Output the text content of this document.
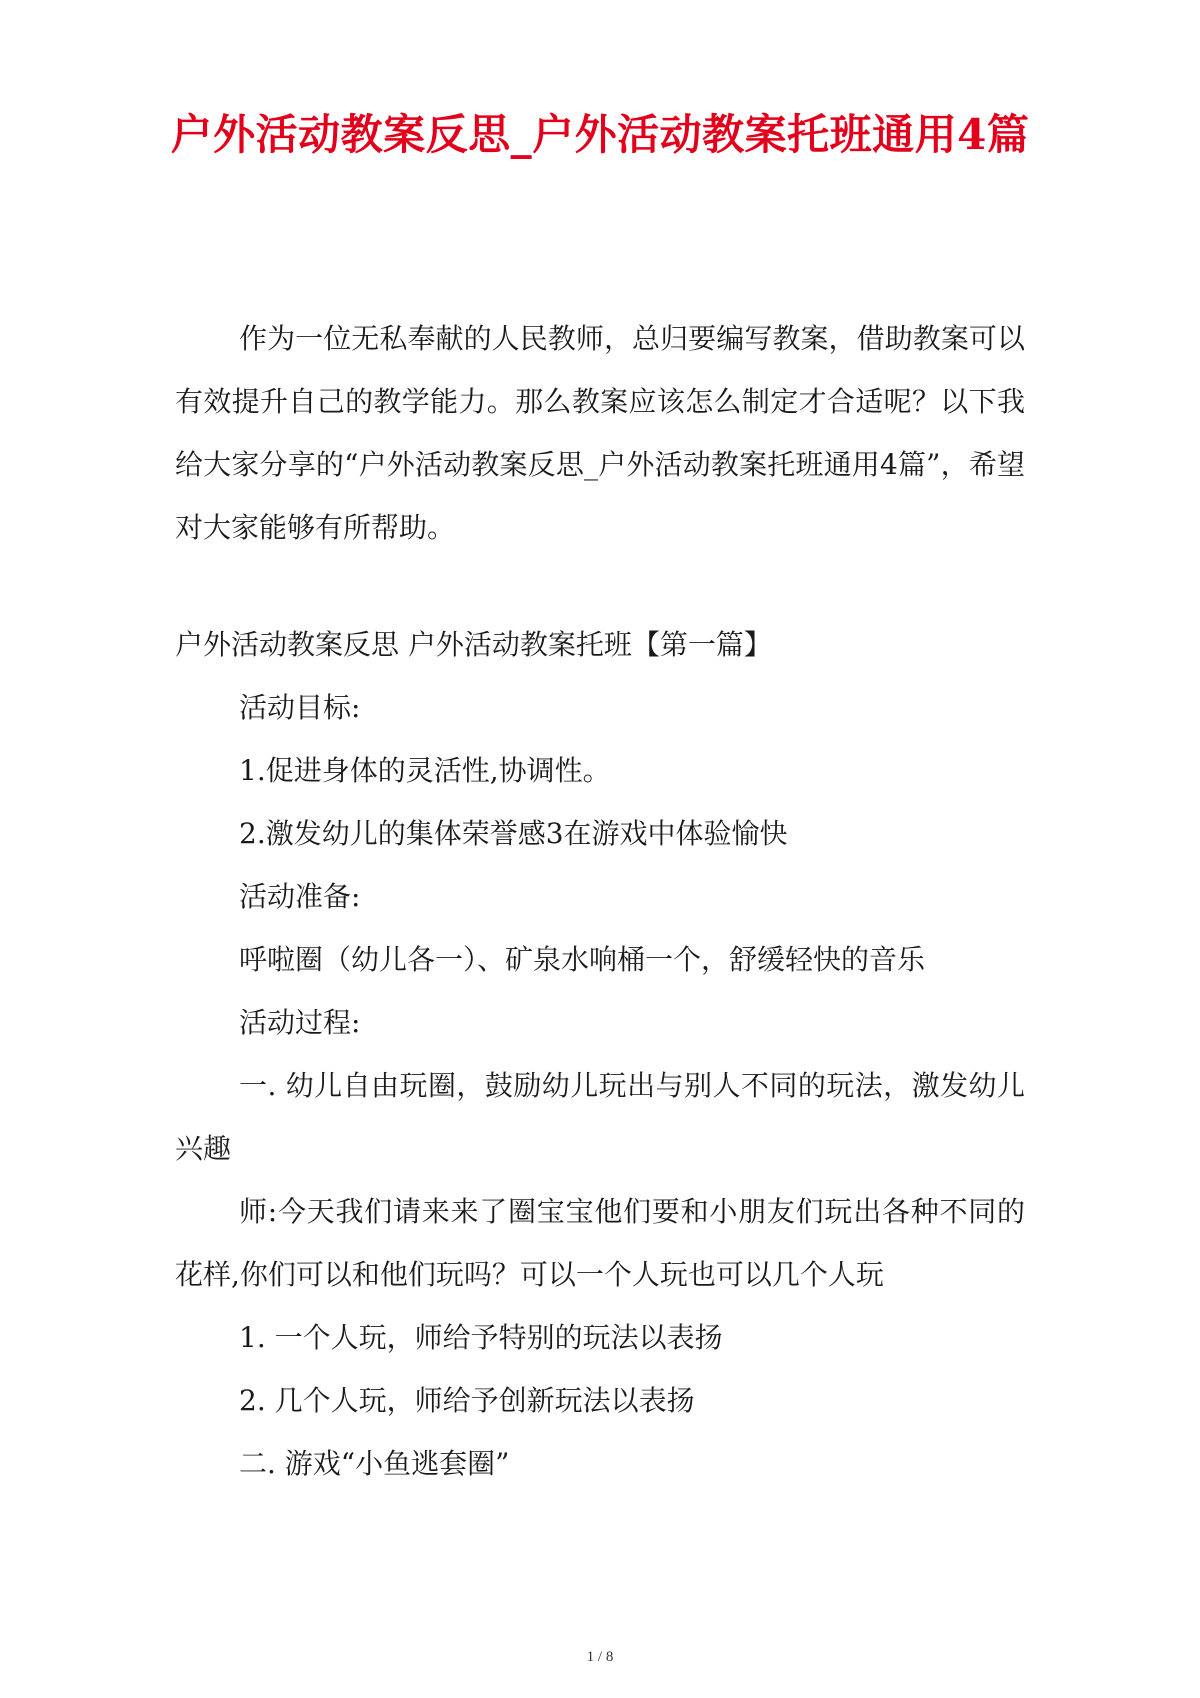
户外活动教案反思_户外活动教案托班通用4篇

作为一位无私奉献的人民教师，总归要编写教案，借助教案可以有效提升自己的教学能力。那么教案应该怎么制定才合适呢？以下我给大家分享的“户外活动教案反思_户外活动教案托班通用4篇”，希望对大家能够有所帮助。

户外活动教案反思 户外活动教案托班【第一篇】

活动目标:

1.促进身体的灵活性,协调性。

2.激发幼儿的集体荣誉感3在游戏中体验愉快

活动准备:

呼啦圈（幼儿各一）、矿泉水响桶一个，舒缓轻快的音乐

活动过程:

一. 幼儿自由玩圈，鼓励幼儿玩出与别人不同的玩法，激发幼儿兴趣

师:今天我们请来来了圈宝宝他们要和小朋友们玩出各种不同的花样,你们可以和他们玩吗？可以一个人玩也可以几个人玩

1. 一个人玩，师给予特别的玩法以表扬

2. 几个人玩，师给予创新玩法以表扬

二. 游戏“小鱼逃套圈”

1 / 8
